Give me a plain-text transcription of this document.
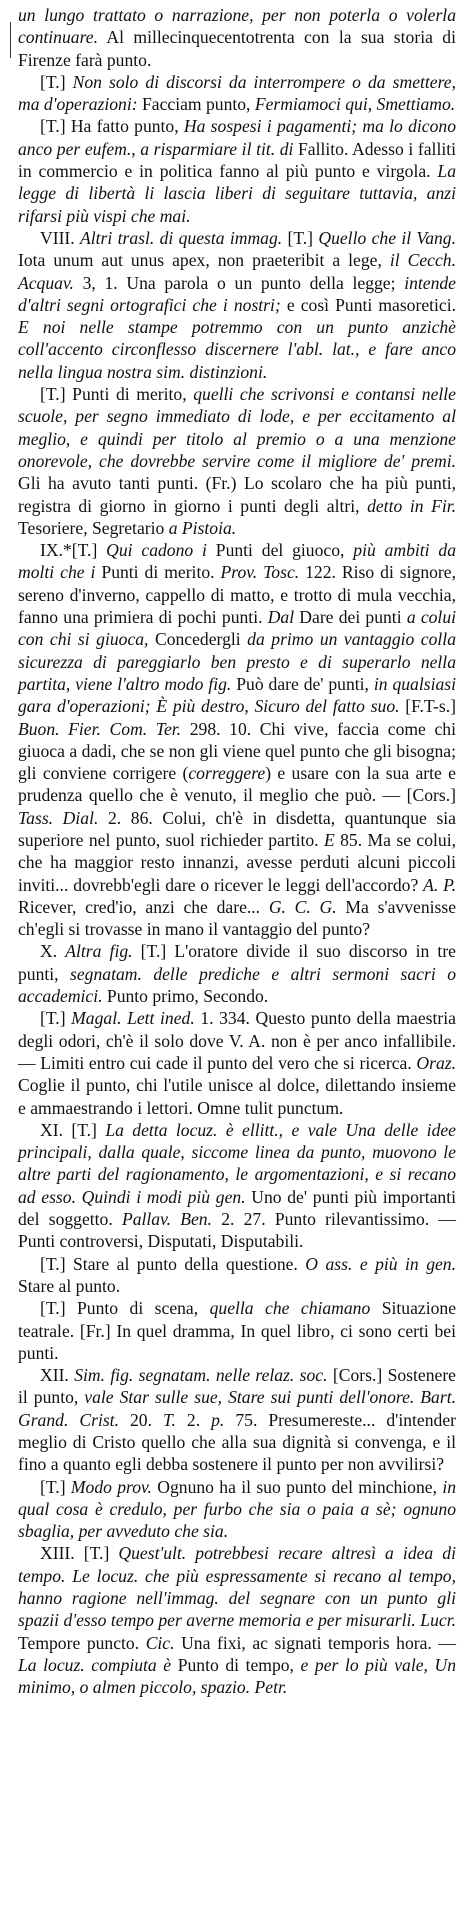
un lungo trattato o narrazione, per non poterla o volerla continuare. Al millecinquecentotrenta con la sua storia di Firenze farà punto.

[T.] Non solo di discorsi da interrompere o da smettere, ma d'operazioni: Facciam punto, Fermiamoci qui, Smettiamo.

[T.] Ha fatto punto, Ha sospesi i pagamenti; ma lo dicono anco per eufem., a risparmiare il tit. di Fallito. Adesso i falliti in commercio e in politica fanno al più punto e virgola. La legge di libertà li lascia liberi di seguitare tuttavia, anzi rifarsi più vispi che mai.

VIII. Altri trasl. di questa immag. [T.] Quello che il Vang. Iota unum aut unus apex, non praeteribit a lege, il Cecch. Acquav. 3, 1. Una parola o un punto della legge; intende d'altri segni ortografici che i nostri; e così Punti masoretici. E noi nelle stampe potremmo con un punto anzichè coll'accento circonflesso discernere l'abl. lat., e fare anco nella lingua nostra sim. distinzioni.

[T.] Punti di merito, quelli che scrivonsi e contansi nelle scuole, per segno immediato di lode, e per eccitamento al meglio, e quindi per titolo al premio o a una menzione onorevole, che dovrebbe servire come il migliore de' premi. Gli ha avuto tanti punti. (Fr.) Lo scolaro che ha più punti, registra di giorno in giorno i punti degli altri, detto in Fir. Tesoriere, Segretario a Pistoia.

IX.*[T.] Qui cadono i Punti del giuoco, più ambiti da molti che i Punti di merito. Prov. Tosc. 122. Riso di signore, sereno d'inverno, cappello di matto, e trotto di mula vecchia, fanno una primiera di pochi punti. Dal Dare dei punti a colui con chi si giuoca, Concedergli da primo un vantaggio colla sicurezza di pareggiarlo ben presto e di superarlo nella partita, viene l'altro modo fig. Può dare de' punti, in qualsiasi gara d'operazioni; È più destro, Sicuro del fatto suo. [F.T-s.] Buon. Fier. Com. Ter. 298. 10. Chi vive, faccia come chi giuoca a dadi, che se non gli viene quel punto che gli bisogna; gli conviene corrigere (correggere) e usare con la sua arte e prudenza quello che è venuto, il meglio che può. — [Cors.] Tass. Dial. 2. 86. Colui, ch'è in disdetta, quantunque sia superiore nel punto, suol richieder partito. E 85. Ma se colui, che ha maggior resto innanzi, avesse perduti alcuni piccoli inviti... dovrebb'egli dare o ricever le leggi dell'accordo? A. P. Ricever, cred'io, anzi che dare... G. C. G. Ma s'avvenisse ch'egli si trovasse in mano il vantaggio del punto?

X. Altra fig. [T.] L'oratore divide il suo discorso in tre punti, segnatam. delle prediche e altri sermoni sacri o accademici. Punto primo, Secondo.

[T.] Magal. Lett ined. 1. 334. Questo punto della maestria degli odori, ch'è il solo dove V. A. non è per anco infallibile. — Limiti entro cui cade il punto del vero che si ricerca. Oraz. Coglie il punto, chi l'utile unisce al dolce, dilettando insieme e ammaestrando i lettori. Omne tulit punctum.

XI. [T.] La detta locuz. è ellitt., e vale Una delle idee principali, dalla quale, siccome linea da punto, muovono le altre parti del ragionamento, le argomentazioni, e si recano ad esso. Quindi i modi più gen. Uno de' punti più importanti del soggetto. Pallav. Ben. 2. 27. Punto rilevantissimo. — Punti controversi, Disputati, Disputabili.

[T.] Stare al punto della questione. O ass. e più in gen. Stare al punto.

[T.] Punto di scena, quella che chiamano Situazione teatrale. [Fr.] In quel dramma, In quel libro, ci sono certi bei punti.

XII. Sim. fig. segnatam. nelle relaz. soc. [Cors.] Sostenere il punto, vale Star sulle sue, Stare sui punti dell'onore. Bart. Grand. Crist. 20. T. 2. p. 75. Presumereste... d'intender meglio di Cristo quello che alla sua dignità si convenga, e il fino a quanto egli debba sostenere il punto per non avvilirsi?

[T.] Modo prov. Ognuno ha il suo punto del minchione, in qual cosa è credulo, per furbo che sia o paia a sè; ognuno sbaglia, per avveduto che sia.

XIII. [T.] Quest'ult. potrebbesi recare altresì a idea di tempo. Le locuz. che più espressamente si recano al tempo, hanno ragione nell'immag. del segnare con un punto gli spazii d'esso tempo per averne memoria e per misurarli. Lucr. Tempore puncto. Cic. Una fixi, ac signati temporis hora. — La locuz. compiuta è Punto di tempo, e per lo più vale, Un minimo, o almen piccolo, spazio. Petr.
